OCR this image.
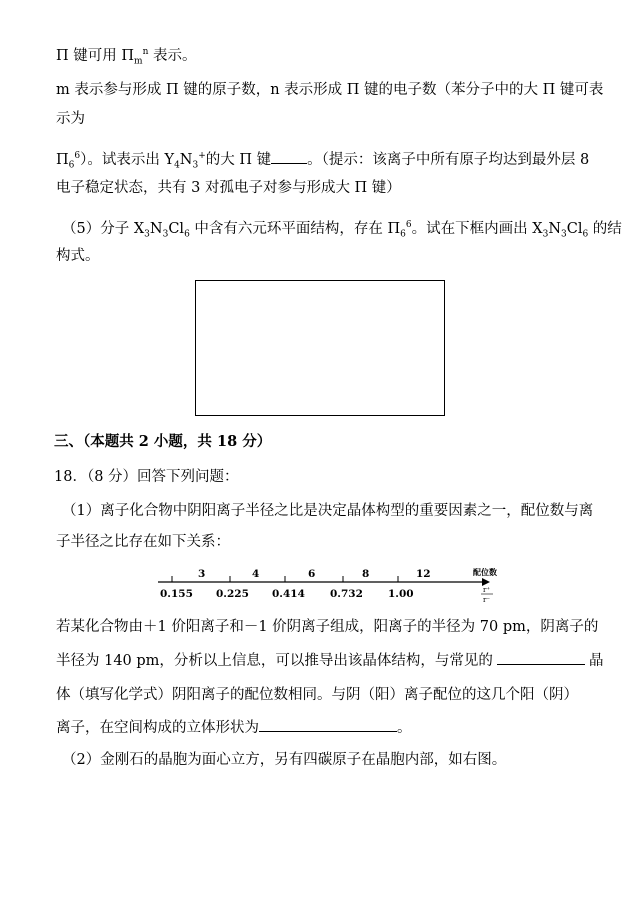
Π 键可用 $\Pi_m^n$ 表示。
m 表示参与形成 Π 键的原子数，n 表示形成 Π 键的电子数（苯分子中的大 Π 键可表
示为
$\Pi_6^6$）。试表示出 $Y_4N_3^+$的大 Π 键 。（提示：该离子中所有原子均达到最外层 8
电子稳定状态，共有 3 对孤电子对参与形成大 Π 键）
（5）分子 $X_3N_3Cl_6$ 中含有六元环平面结构，存在 $\Pi_6^6$。试在下框内画出 $X_3N_3Cl_6$ 的结
构式。
三、（本题共 2 小题，共 18 分）
18．（8 分）回答下列问题：
（1）离子化合物中阴阳离子半径之比是决定晶体构型的重要因素之一，配位数与离
子半径之比存在如下关系：
3	4	6	8	12
0.155 0.225 0.414 0.732 1.00
配位数
r⁺
r⁻
若某化合物由＋1 价阳离子和－1 价阴离子组成，阳离子的半径为 70 pm，阴离子的
半径为 140 pm，分析以上信息，可以推导出该晶体结构，与常见的	晶
体（填写化学式）阴阳离子的配位数相同。与阴（阳）离子配位的这几个阳（阴）
离子，在空间构成的立体形状为	。
（2）金刚石的晶胞为面心立方，另有四碳原子在晶胞内部，如右图。
